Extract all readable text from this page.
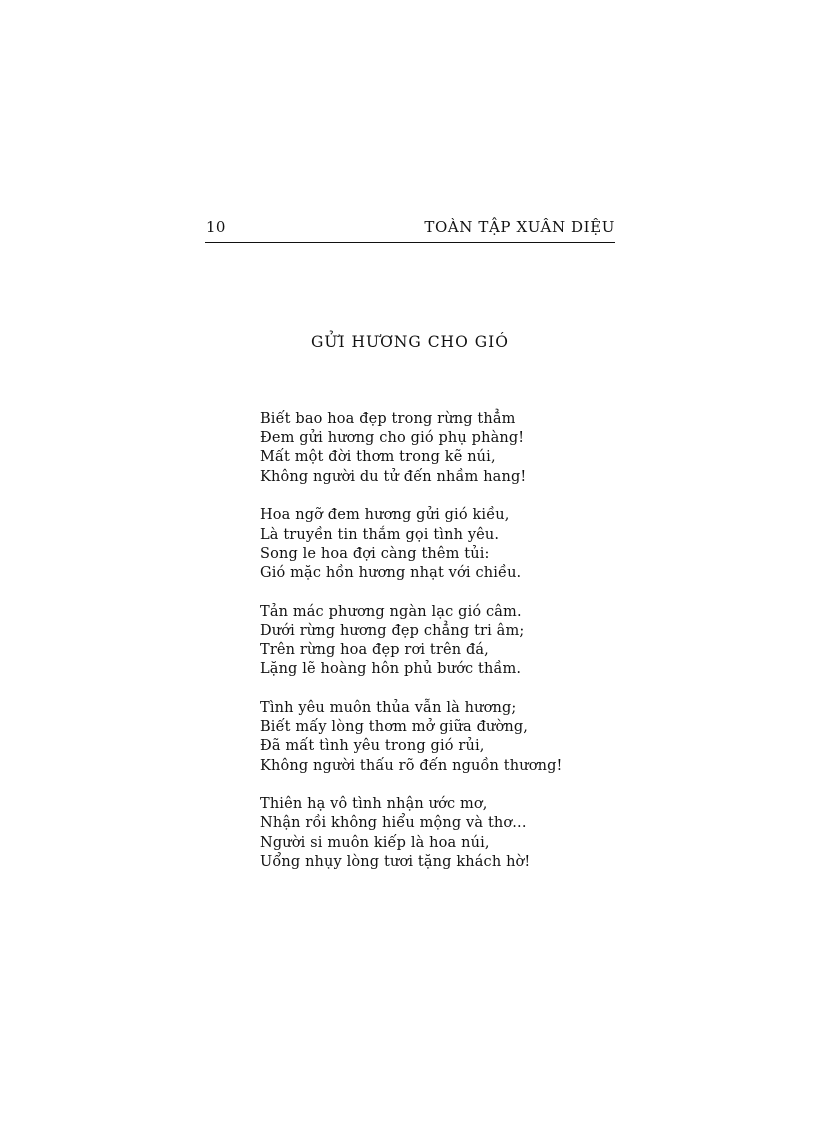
10	TOÀN TẬP XUÂN DIỆU
GỬI HƯƠNG CHO GIÓ
Biết bao hoa đẹp trong rừng thẳm
Đem gửi hương cho gió phụ phàng!
Mất một đời thơm trong kẽ núi,
Không người du tử đến nhầm hang!
Hoa ngỡ đem hương gửi gió kiều,
Là truyền tin thắm gọi tình yêu.
Song le hoa đợi càng thêm tủi:
Gió mặc hồn hương nhạt với chiều.
Tản mác phương ngàn lạc gió câm.
Dưới rừng hương đẹp chẳng tri âm;
Trên rừng hoa đẹp rơi trên đá,
Lặng lẽ hoàng hôn phủ bước thầm.
Tình yêu muôn thủa vẫn là hương;
Biết mấy lòng thơm mở giữa đường,
Đã mất tình yêu trong gió rủi,
Không người thấu rõ đến nguồn thương!
Thiên hạ vô tình nhận ước mơ,
Nhận rồi không hiểu mộng và thơ...
Người si muôn kiếp là hoa núi,
Uổng nhụy lòng tươi tặng khách hờ!
